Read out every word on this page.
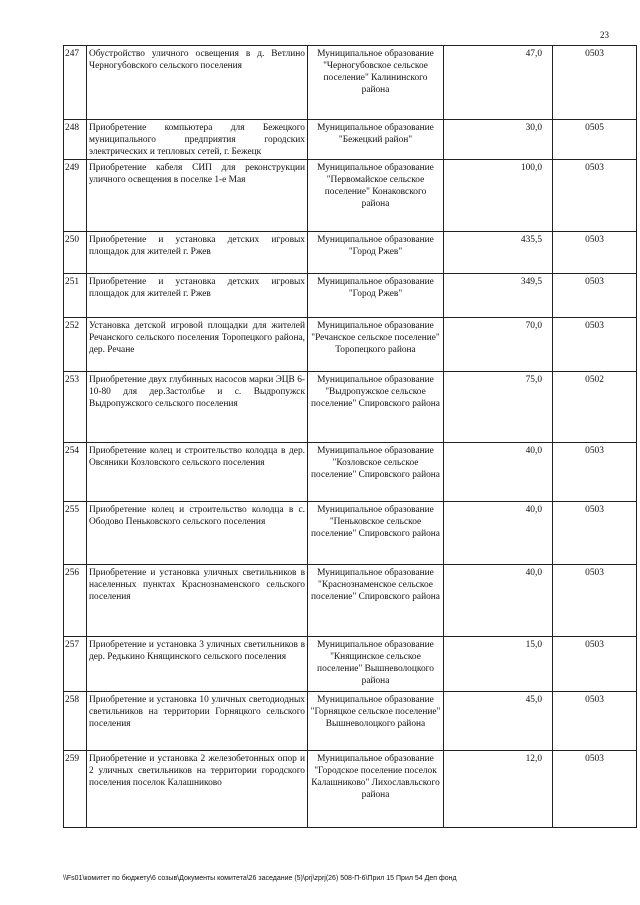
23
247	Обустройство уличного освещения в д. Ветлино Черногубовского сельского поселения	Муниципальное образование "Черногубовское сельское поселение" Калининского района	47,0	0503
248	Приобретение компьютера для Бежецкого муниципального предприятия городских электрических и тепловых сетей, г. Бежецк	Муниципальное образование "Бежецкий район"	30,0	0505
249	Приобретение кабеля СИП для реконструкции уличного освещения в поселке 1-е Мая	Муниципальное образование "Первомайское сельское поселение" Конаковского района	100,0	0503
250	Приобретение и установка детских игровых площадок для жителей г. Ржев	Муниципальное образование "Город Ржев"	435,5	0503
251	Приобретение и установка детских игровых площадок для жителей г. Ржев	Муниципальное образование "Город Ржев"	349,5	0503
252	Установка детской игровой площадки для жителей Речанского сельского поселения Торопецкого района, дер. Речане	Муниципальное образование "Речанское сельское поселение" Торопецкого района	70,0	0503
253	Приобретение двух глубинных насосов марки ЭЦВ 6-10-80 для дер.Застолбье и с. Выдропужск Выдропужского сельского поселения	Муниципальное образование "Выдропужское сельское поселение" Спировского района	75,0	0502
254	Приобретение колец и строительство колодца в дер. Овсяники Козловского сельского поселения	Муниципальное образование "Козловское сельское поселение" Спировского района	40,0	0503
255	Приобретение колец и строительство колодца в с. Ободово Пеньковского сельского поселения	Муниципальное образование "Пеньковское сельское поселение" Спировского района	40,0	0503
256	Приобретение и установка уличных светильников в населенных пунктах Краснознаменского сельского поселения	Муниципальное образование "Краснознаменское сельское поселение" Спировского района	40,0	0503
257	Приобретение и установка 3 уличных светильников в дер. Редькино Княщинского сельского поселения	Муниципальное образование "Княщинское сельское поселение" Вышневолоцкого района	15,0	0503
258	Приобретение и установка 10 уличных светодиодных светильников на территории Горняцкого сельского поселения	Муниципальное образование "Горняцкое сельское поселение" Вышневолоцкого района	45,0	0503
259	Приобретение и установка 2 железобетонных опор и 2 уличных светильников на территории городского поселения поселок Калашниково	Муниципальное образование "Городское поселение поселок Калашниково" Лихославльского района	12,0	0503
\\Fs01\комитет по бюджету\6 созыв\Документы комитета\26 заседание (5)\prj\zprj(26) 508-П-6\Прил 15 Прил 54 Деп фонд
